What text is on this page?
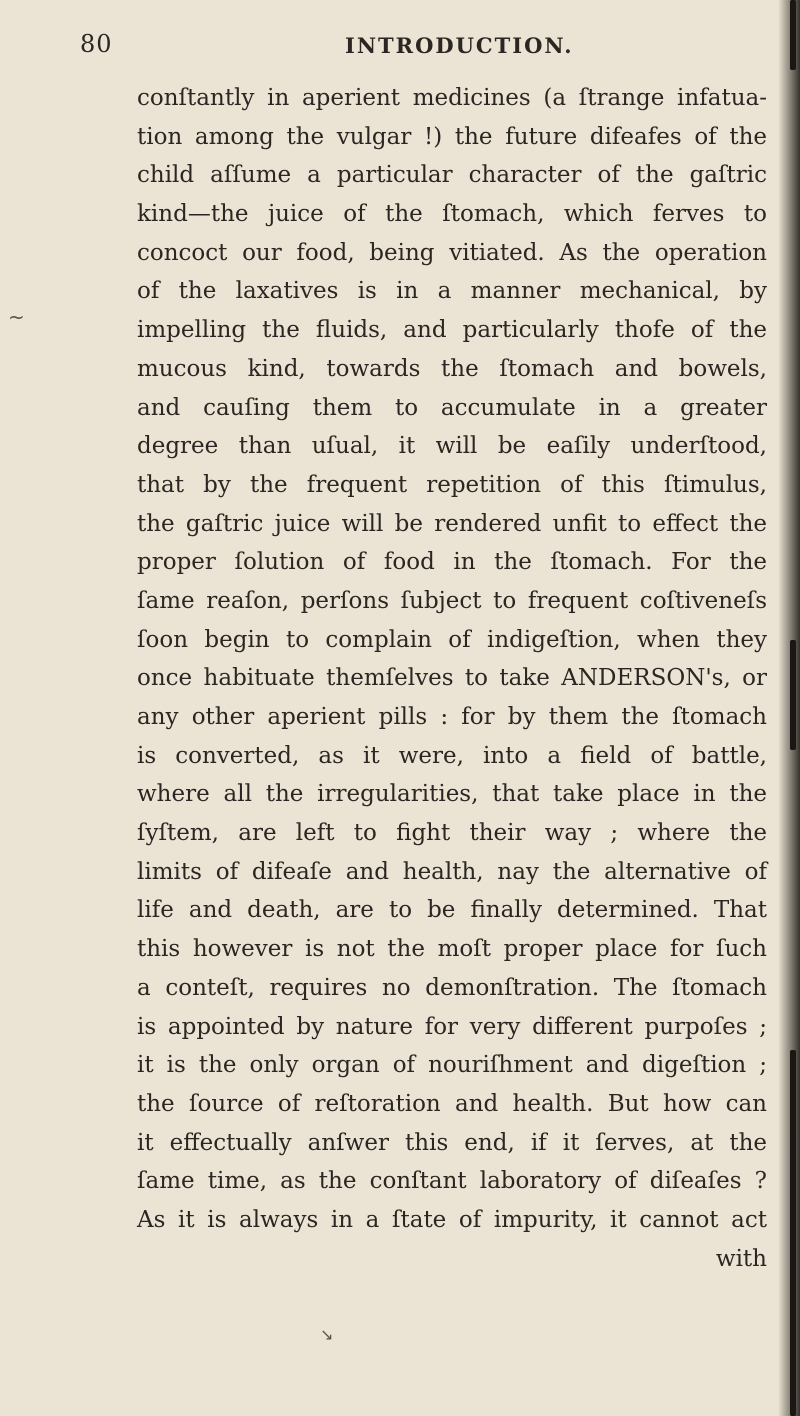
80	INTRODUCTION.
conſtantly in aperient medicines (a ſtrange infatua-
tion among the vulgar !) the future difeafes of the
child aſſume a particular character of the gaſtric
kind—the juice of the ſtomach, which ferves to
concoct our food, being vitiated. As the operation
of the laxatives is in a manner mechanical, by
impelling the fluids, and particularly thofe of the
mucous kind, towards the ſtomach and bowels,
and cauſing them to accumulate in a greater
degree than uſual, it will be eaſily underſtood,
that by the frequent repetition of this ſtimulus,
the gaſtric juice will be rendered unfit to effect the
proper ſolution of food in the ſtomach. For the
ſame reaſon, perſons ſubject to frequent coſtiveneſs
ſoon begin to complain of indigeſtion, when they
once habituate themſelves to take ANDERSON's, or
any other aperient pills : for by them the ſtomach
is converted, as it were, into a field of battle,
where all the irregularities, that take place in the
ſyſtem, are left to fight their way ; where the
limits of difeaſe and health, nay the alternative of
life and death, are to be finally determined. That
this however is not the moſt proper place for ſuch
a conteſt, requires no demonſtration. The ſtomach
is appointed by nature for very different purpoſes ;
it is the only organ of nouriſhment and digeſtion ;
the ſource of reſtoration and health. But how can
it effectually anſwer this end, if it ſerves, at the
ſame time, as the conſtant laboratory of diſeaſes ?
As it is always in a ſtate of impurity, it cannot act
with
~
↘
